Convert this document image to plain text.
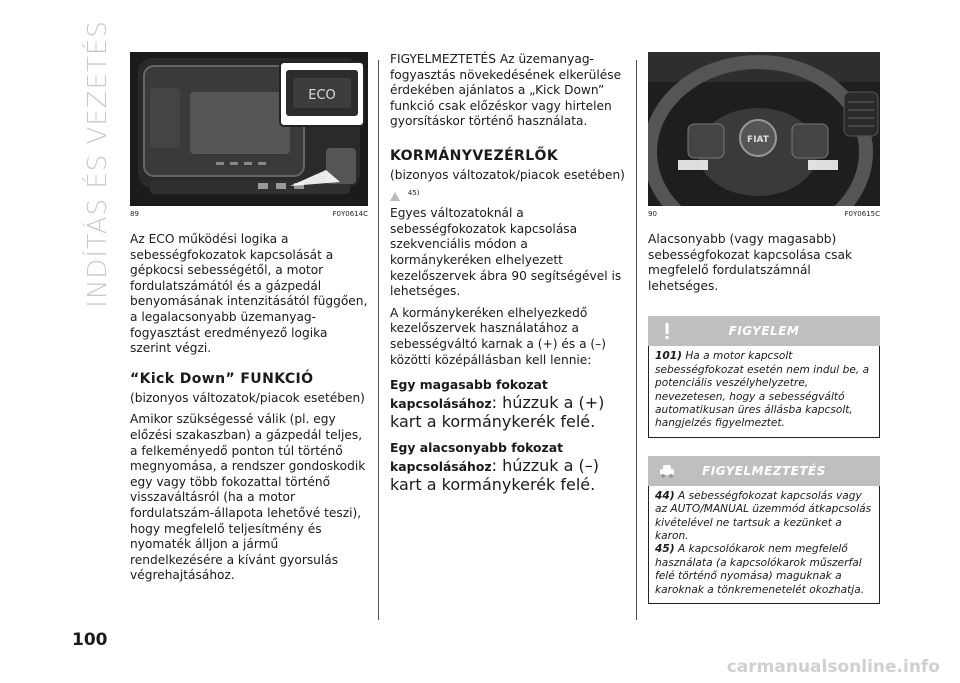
INDÍTÁS ÉS VEZETÉS	ECO
89	F0Y0614C

Az ECO működési logika a sebességfokozatok kapcsolását a gépkocsi sebességétől, a motor fordulatszámától és a gázpedál benyomásának intenzitásától függően, a legalacsonyabb üzemanyag-fogyasztást eredményező logika szerint végzi.

“Kick Down” FUNKCIÓ

(bizonyos változatok/piacok esetében)

Amikor szükségessé válik (pl. egy előzési szakaszban) a gázpedál teljes, a felkeményedő ponton túl történő megnyomása, a rendszer gondoskodik egy vagy több fokozattal történő visszaváltásról (ha a motor fordulatszám-állapota lehetővé teszi), hogy megfelelő teljesítmény és nyomaték álljon a jármű rendelkezésére a kívánt gyorsulás végrehajtásához.

FIGYELMEZTETÉS Az üzemanyag-fogyasztás növekedésének elkerülése érdekében ajánlatos a „Kick Down” funkció csak előzéskor vagy hirtelen gyorsításkor történő használata.

KORMÁNYVEZÉRLŐK

(bizonyos változatok/piacok esetében)

$^{45)}$

Egyes változatoknál a sebességfokozatok kapcsolása szekvenciális módon a kormánykeréken elhelyezett kezelőszervek ábra 90 segítségével is lehetséges.

A kormánykeréken elhelyezkedő kezelőszervek használatához a sebességváltó karnak a (+) és a (–) közötti középállásban kell lennie:

Egy magasabb fokozat kapcsolásához: húzzuk a (+) kart a kormánykerék felé.

Egy alacsonyabb fokozat kapcsolásához: húzzuk a (–) kart a kormánykerék felé.

FIAT
90	F0Y0615C

Alacsonyabb (vagy magasabb) sebességfokozat kapcsolása csak megfelelő fordulatszámnál lehetséges.

FIGYELEM
101) Ha a motor kapcsolt sebességfokozat esetén nem indul be, a potenciális veszélyhelyzetre, nevezetesen, hogy a sebességváltó automatikusan üres állásba kapcsolt, hangjelzés figyelmeztet.
FIGYELMEZTETÉS
44) A sebességfokozat kapcsolás vagy az AUTO/MANUAL üzemmód átkapcsolás kivételével ne tartsuk a kezünket a karon.
45) A kapcsolókarok nem megfelelő használata (a kapcsolókarok műszerfal felé történő nyomása) maguknak a karoknak a tönkremenetelét okozhatja.
100
carmanualsonline.info
